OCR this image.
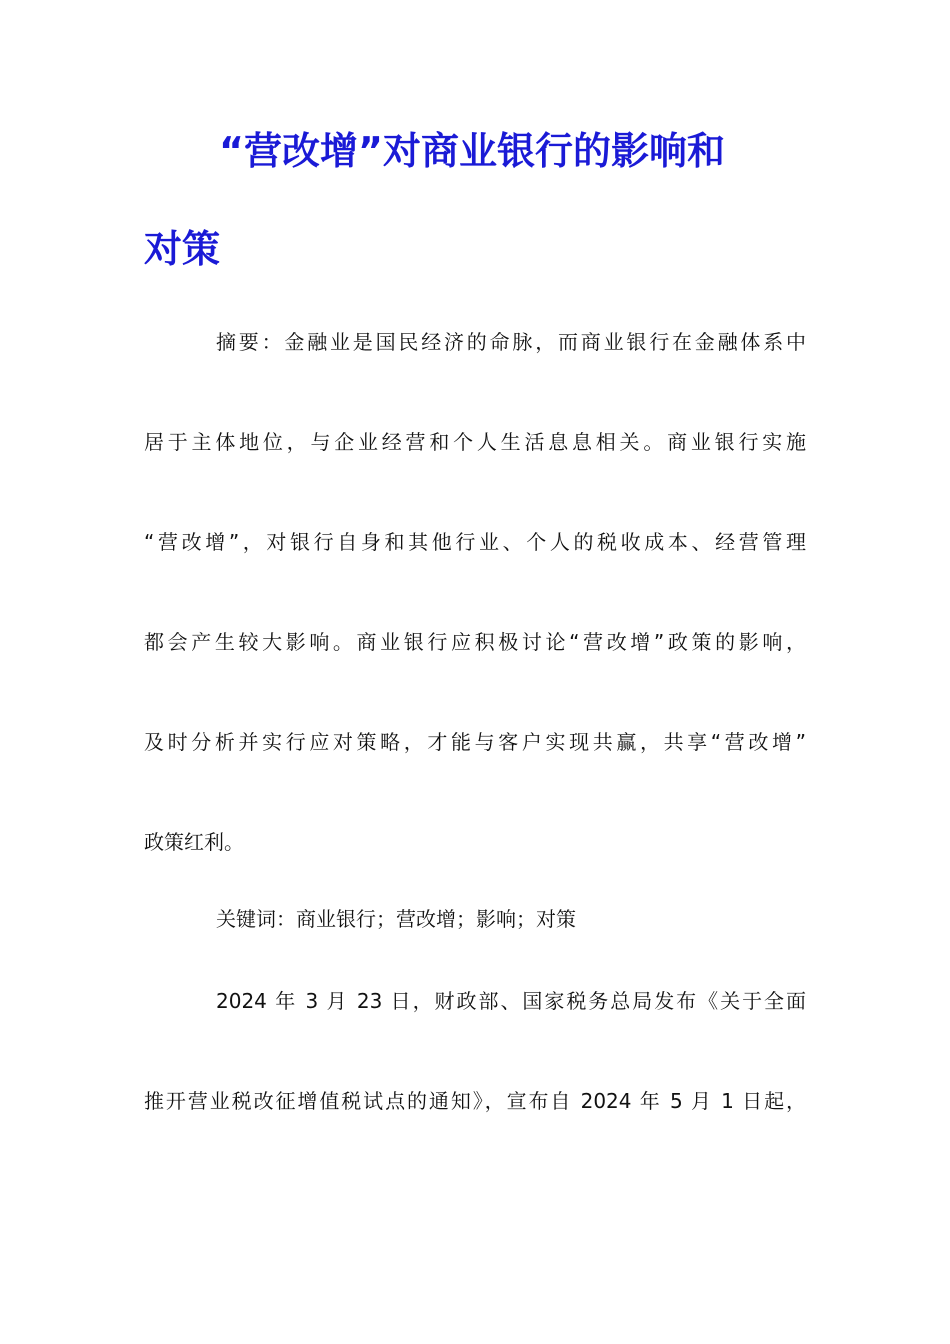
“营改增”对商业银行的影响和
对策
摘要：金融业是国民经济的命脉，而商业银行在金融体系中
居于主体地位，与企业经营和个人生活息息相关。商业银行实施
“营改增”，对银行自身和其他行业、个人的税收成本、经营管理
都会产生较大影响。商业银行应积极讨论“营改增”政策的影响，
及时分析并实行应对策略，才能与客户实现共赢，共享“营改增”
政策红利。
关键词：商业银行；营改增；影响；对策
2024 年 3 月 23 日，财政部、国家税务总局发布《关于全面
推开营业税改征增值税试点的通知》，宣布自 2024 年 5 月 1 日起，
